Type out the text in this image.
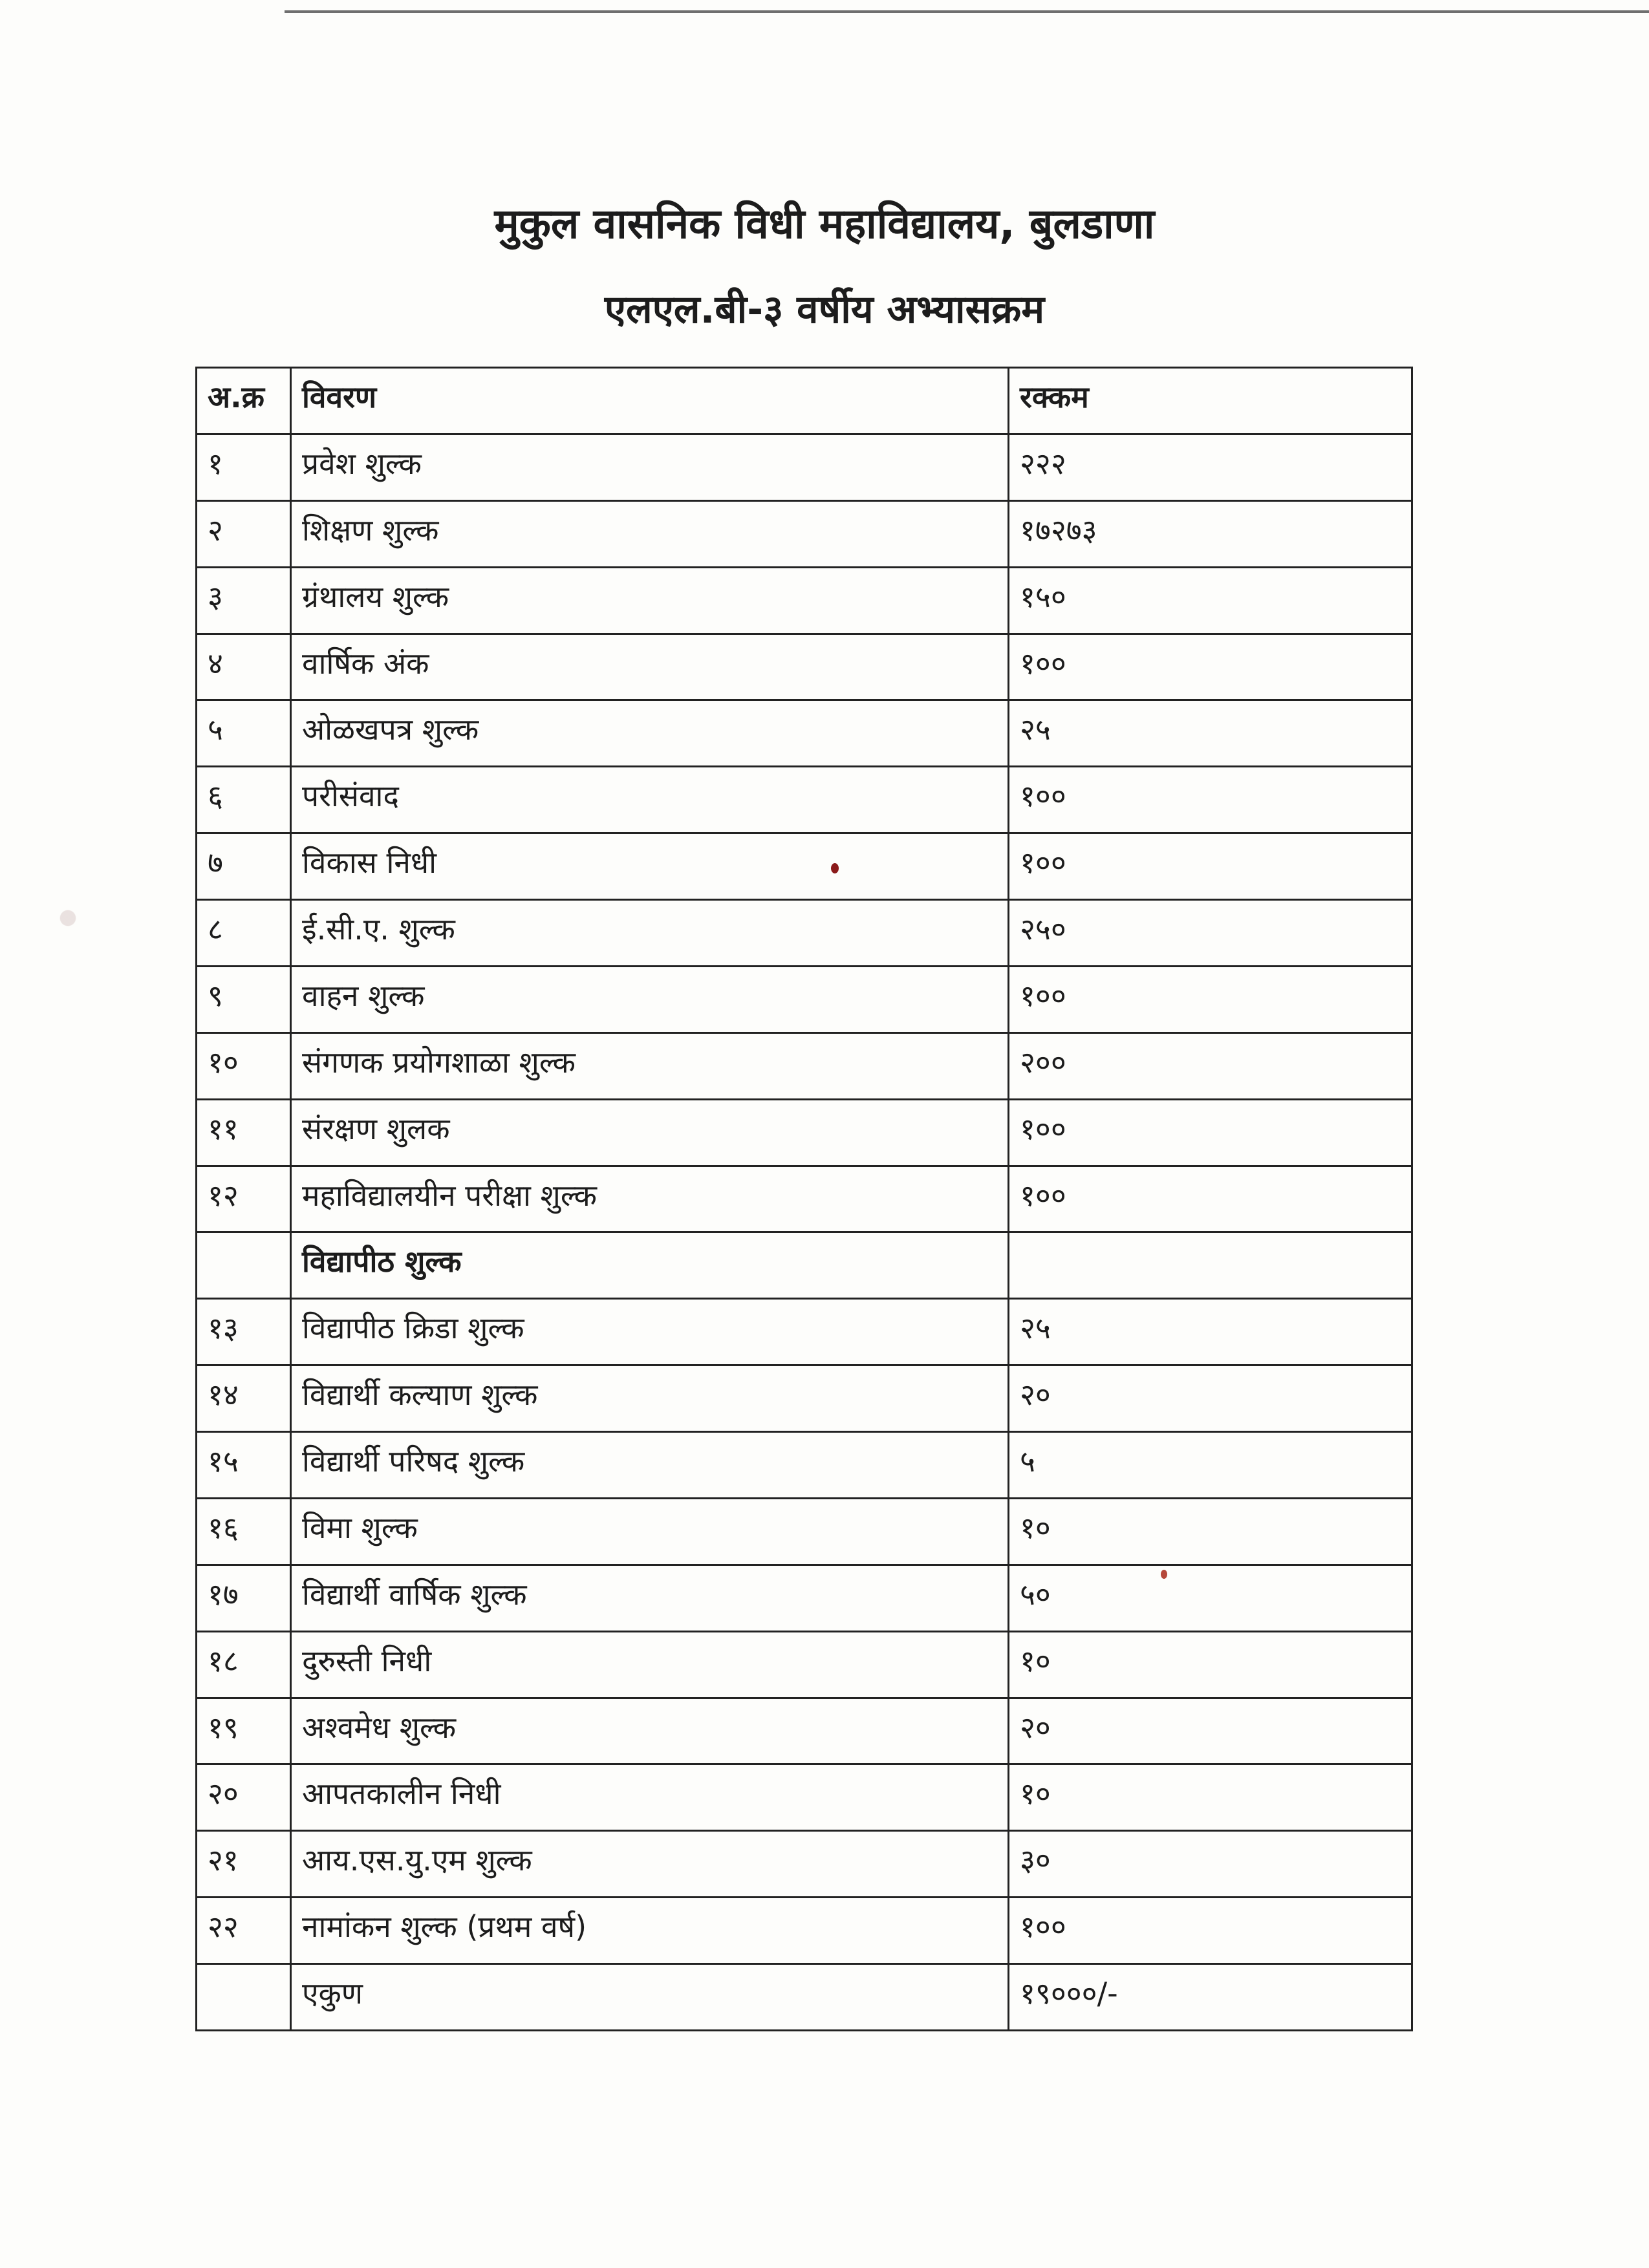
मुकुल वासनिक विधी महाविद्यालय, बुलडाणा
एलएल.बी-३ वर्षीय अभ्यासक्रम
अ.क्र	विवरण	रक्कम
१	प्रवेश शुल्क	२२२
२	शिक्षण शुल्क	१७२७३
३	ग्रंथालय शुल्क	१५०
४	वार्षिक अंक	१००
५	ओळखपत्र शुल्क	२५
६	परीसंवाद	१००
७	विकास निधी	१००
८	ई.सी.ए. शुल्क	२५०
९	वाहन शुल्क	१००
१०	संगणक प्रयोगशाळा शुल्क	२००
११	संरक्षण शुलक	१००
१२	महाविद्यालयीन परीक्षा शुल्क	१००
	विद्यापीठ शुल्क	
१३	विद्यापीठ क्रिडा शुल्क	२५
१४	विद्यार्थी कल्याण शुल्क	२०
१५	विद्यार्थी परिषद शुल्क	५
१६	विमा शुल्क	१०
१७	विद्यार्थी वार्षिक शुल्क	५०
१८	दुरुस्ती निधी	१०
१९	अश्वमेध शुल्क	२०
२०	आपतकालीन निधी	१०
२१	आय.एस.यु.एम शुल्क	३०
२२	नामांकन शुल्क (प्रथम वर्ष)	१००
	एकुण	१९०००/-
